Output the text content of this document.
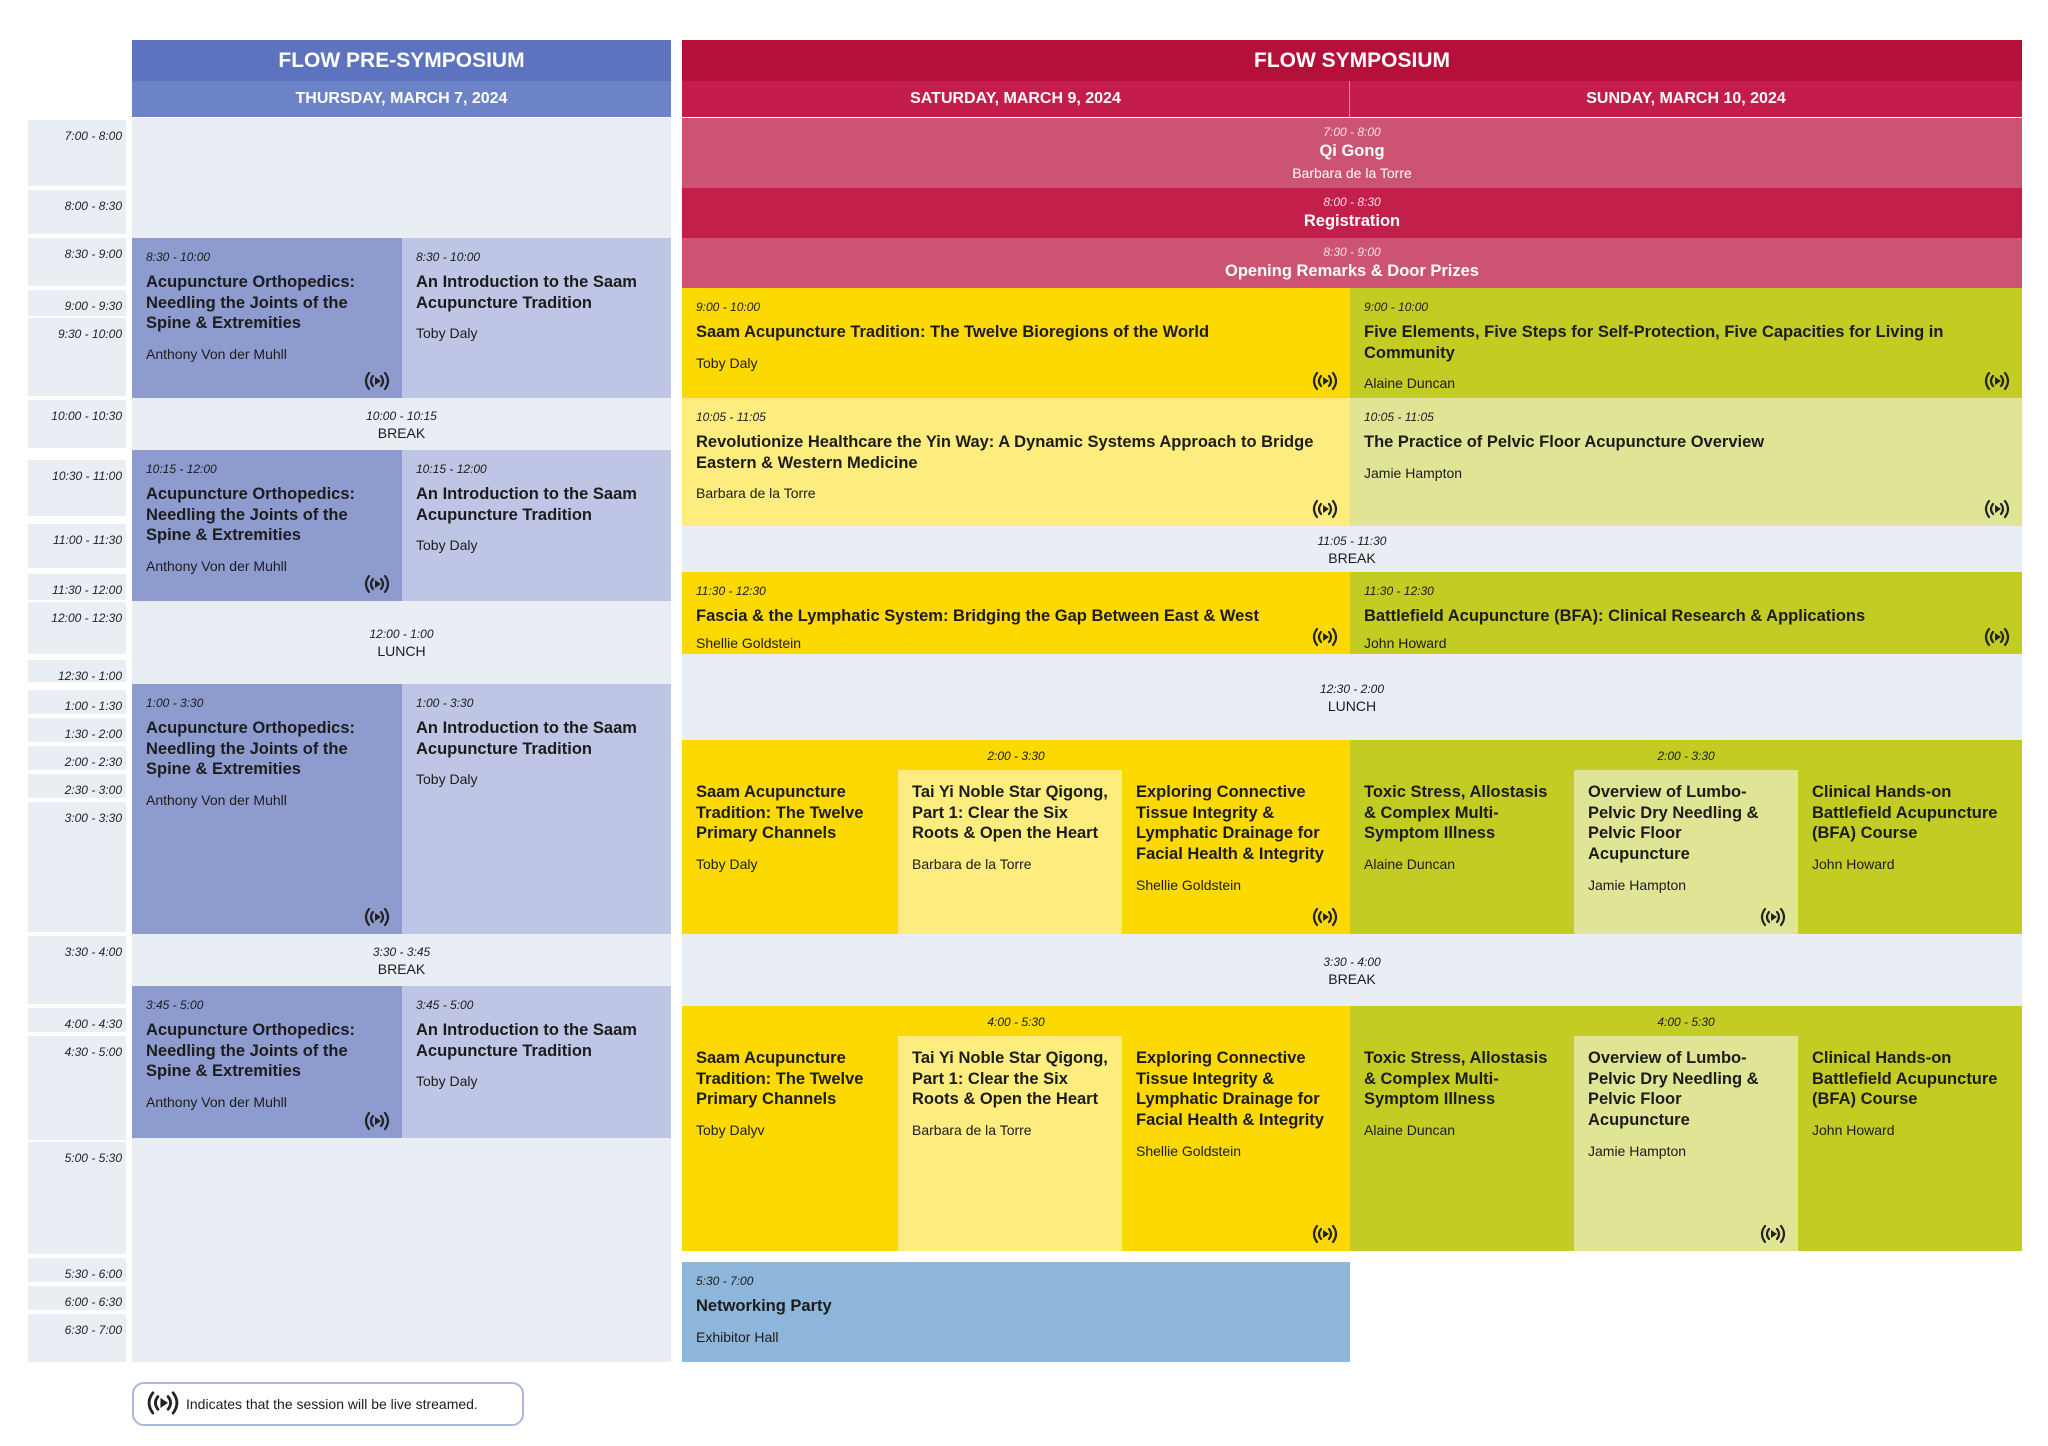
FLOW PRE-SYMPOSIUM
THURSDAY, MARCH 7, 2024
8:30 - 10:00
Acupuncture Orthopedics: Needling the Joints of the Spine & Extremities
Anthony Von der Muhll
8:30 - 10:00
An Introduction to the Saam Acupuncture Tradition
Toby Daly
10:00 - 10:15
BREAK
10:15 - 12:00
Acupuncture Orthopedics: Needling the Joints of the Spine & Extremities
Anthony Von der Muhll
10:15 - 12:00
An Introduction to the Saam Acupuncture Tradition
Toby Daly
12:00 - 1:00
LUNCH
1:00 - 3:30
Acupuncture Orthopedics: Needling the Joints of the Spine & Extremities
Anthony Von der Muhll
1:00 - 3:30
An Introduction to the Saam Acupuncture Tradition
Toby Daly
3:30 - 3:45
BREAK
3:45 - 5:00
Acupuncture Orthopedics: Needling the Joints of the Spine & Extremities
Anthony Von der Muhll
3:45 - 5:00
An Introduction to the Saam Acupuncture Tradition
Toby Daly
FLOW SYMPOSIUM
SATURDAY, MARCH 9, 2024	SUNDAY, MARCH 10, 2024
7:00 - 8:00
Qi Gong
Barbara de la Torre
8:00 - 8:30
Registration
8:30 - 9:00
Opening Remarks & Door Prizes
9:00 - 10:00
Saam Acupuncture Tradition: The Twelve Bioregions of the World
Toby Daly
9:00 - 10:00
Five Elements, Five Steps for Self-Protection, Five Capacities for Living in Community
Alaine Duncan
10:05 - 11:05
Revolutionize Healthcare the Yin Way: A Dynamic Systems Approach to Bridge Eastern & Western Medicine
Barbara de la Torre
10:05 - 11:05
The Practice of Pelvic Floor Acupuncture Overview
Jamie Hampton
11:05 - 11:30
BREAK
11:30 - 12:30
Fascia & the Lymphatic System: Bridging the Gap Between East & West
Shellie Goldstein
11:30 - 12:30
Battlefield Acupuncture (BFA): Clinical Research & Applications
John Howard
12:30 - 2:00
LUNCH
2:00 - 3:30
Saam Acupuncture Tradition: The Twelve Primary Channels
Toby Daly
Tai Yi Noble Star Qigong, Part 1: Clear the Six Roots & Open the Heart
Barbara de la Torre
Exploring Connective Tissue Integrity & Lymphatic Drainage for Facial Health & Integrity
Shellie Goldstein
2:00 - 3:30
Toxic Stress, Allostasis & Complex Multi-Symptom Illness
Alaine Duncan
Overview of Lumbo-Pelvic Dry Needling & Pelvic Floor Acupuncture
Jamie Hampton
Clinical Hands-on Battlefield Acupuncture (BFA) Course
John Howard
3:30 - 4:00
BREAK
4:00 - 5:30
Saam Acupuncture Tradition: The Twelve Primary Channels
Toby Dalyv
Tai Yi Noble Star Qigong, Part 1: Clear the Six Roots & Open the Heart
Barbara de la Torre
Exploring Connective Tissue Integrity & Lymphatic Drainage for Facial Health & Integrity
Shellie Goldstein
4:00 - 5:30
Toxic Stress, Allostasis & Complex Multi-Symptom Illness
Alaine Duncan
Overview of Lumbo-Pelvic Dry Needling & Pelvic Floor Acupuncture
Jamie Hampton
Clinical Hands-on Battlefield Acupuncture (BFA) Course
John Howard
5:30 - 7:00
Networking Party
Exhibitor Hall
Indicates that the session will be live streamed.
7:00 - 8:00
8:00 - 8:30
8:30 - 9:00
9:00 - 9:30
9:30 - 10:00
10:00 - 10:30
10:30 - 11:00
11:00 - 11:30
11:30 - 12:00
12:00 - 12:30
12:30 - 1:00
1:00 - 1:30
1:30 - 2:00
2:00 - 2:30
2:30 - 3:00
3:00 - 3:30
3:30 - 4:00
4:00 - 4:30
4:30 - 5:00
5:00 - 5:30
5:30 - 6:00
6:00 - 6:30
6:30 - 7:00
